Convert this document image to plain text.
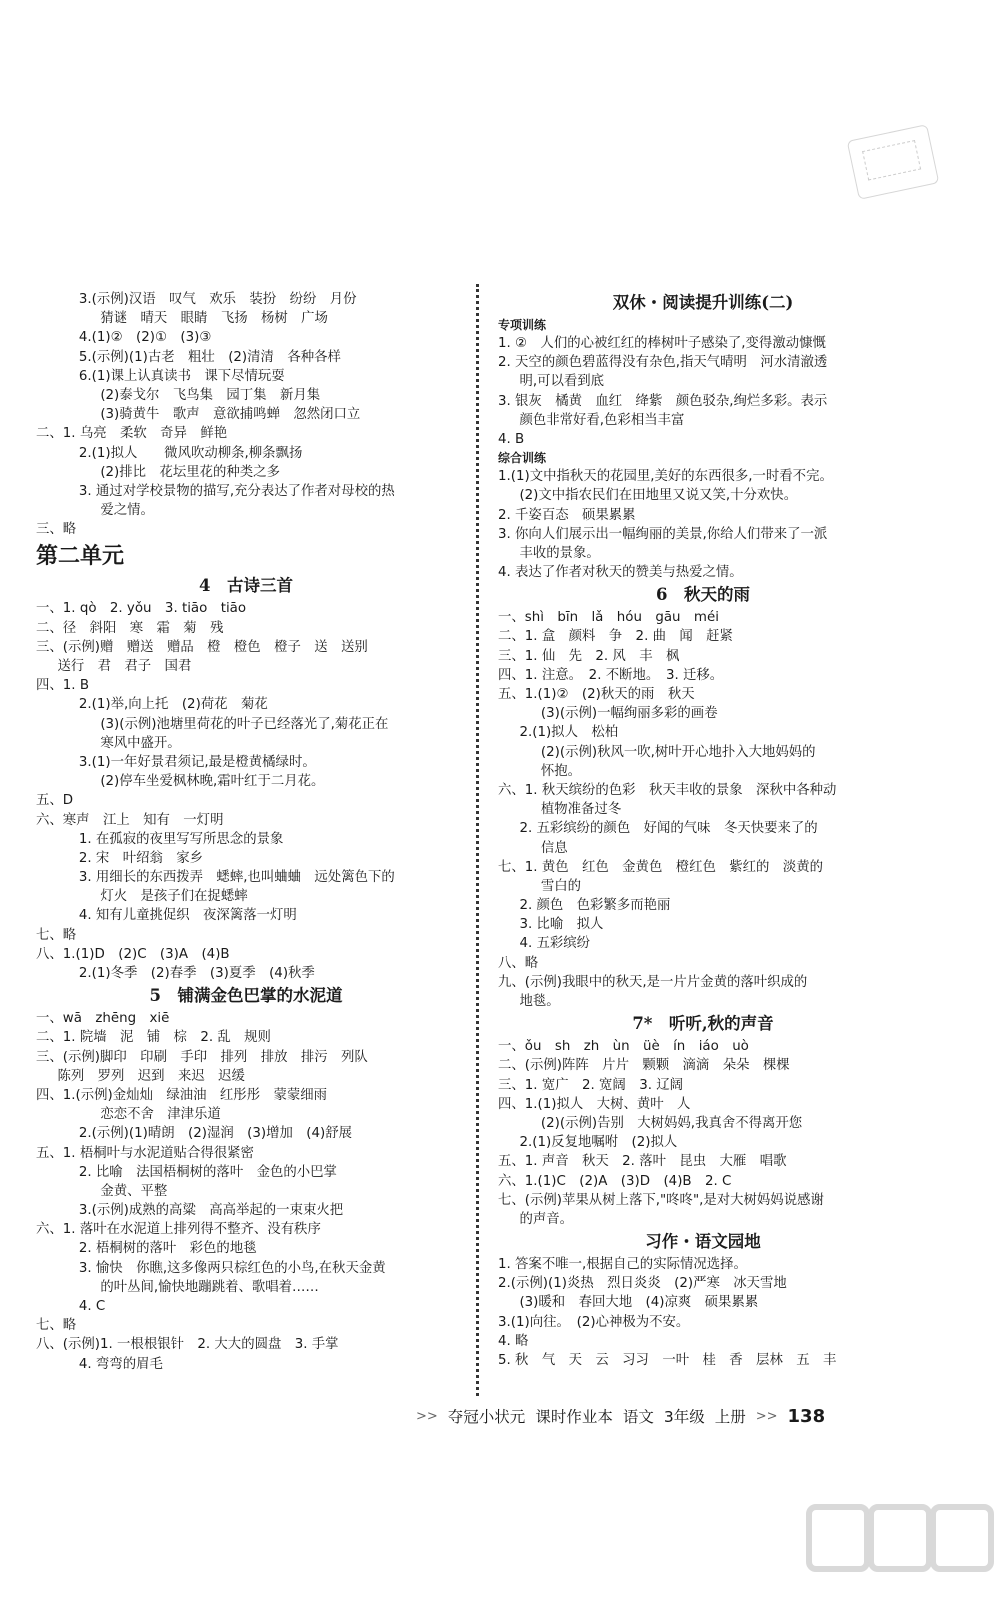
3.(示例)汉语　叹气　欢乐　装扮　纷纷　月份
猜谜　晴天　眼睛　飞扬　杨树　广场
4.(1)②　(2)①　(3)③
5.(示例)(1)古老　粗壮　(2)清清　各种各样
6.(1)课上认真读书　课下尽情玩耍
(2)泰戈尔　飞鸟集　园丁集　新月集
(3)骑黄牛　歌声　意欲捕鸣蝉　忽然闭口立
二、1. 乌亮　柔软　奇异　鲜艳
2.(1)拟人　　微风吹动柳条,柳条飘扬
(2)排比　花坛里花的种类之多
3. 通过对学校景物的描写,充分表达了作者对母校的热
爱之情。
三、略
第二单元
4　古诗三首
一、1. qò　2. yǒu　3. tiāo　tiāo
二、径　斜阳　寒　霜　菊　残
三、(示例)赠　赠送　赠品　橙　橙色　橙子　送　送别
送行　君　君子　国君
四、1. B
2.(1)举,向上托　(2)荷花　菊花
(3)(示例)池塘里荷花的叶子已经落光了,菊花正在
寒风中盛开。
3.(1)一年好景君须记,最是橙黄橘绿时。
(2)停车坐爱枫林晚,霜叶红于二月花。
五、D
六、寒声　江上　知有　一灯明
1. 在孤寂的夜里写写所思念的景象
2. 宋　叶绍翁　家乡
3. 用细长的东西拨弄　蟋蟀,也叫蛐蛐　远处篱色下的
灯火　是孩子们在捉蟋蟀
4. 知有儿童挑促织　夜深篱落一灯明
七、略
八、1.(1)D　(2)C　(3)A　(4)B
2.(1)冬季　(2)春季　(3)夏季　(4)秋季
5　铺满金色巴掌的水泥道
一、wā　zhēng　xiē
二、1. 院墙　泥　铺　棕　2. 乱　规则
三、(示例)脚印　印刷　手印　排列　排放　排污　列队
陈列　罗列　迟到　来迟　迟缓
四、1.(示例)金灿灿　绿油油　红彤彤　蒙蒙细雨
恋恋不舍　津津乐道
2.(示例)(1)晴朗　(2)湿润　(3)增加　(4)舒展
五、1. 梧桐叶与水泥道贴合得很紧密
2. 比喻　法国梧桐树的落叶　金色的小巴掌
金黄、平整
3.(示例)成熟的高粱　高高举起的一束束火把
六、1. 落叶在水泥道上排列得不整齐、没有秩序
2. 梧桐树的落叶　彩色的地毯
3. 愉快　你瞧,这多像两只棕红色的小鸟,在秋天金黄
的叶丛间,愉快地蹦跳着、歌唱着……
4. C
七、略
八、(示例)1. 一根根银针　2. 大大的圆盘　3. 手掌
4. 弯弯的眉毛
双休・阅读提升训练(二)
专项训练
1. ②　人们的心被红红的棒树叶子感染了,变得激动慷慨
2. 天空的颜色碧蓝得没有杂色,指天气晴明　河水清澈透
明,可以看到底
3. 银灰　橘黄　血红　绛紫　颜色驳杂,绚烂多彩。表示
颜色非常好看,色彩相当丰富
4. B
综合训练
1.(1)文中指秋天的花园里,美好的东西很多,一时看不完。
(2)文中指农民们在田地里又说又笑,十分欢快。
2. 千姿百态　硕果累累
3. 你向人们展示出一幅绚丽的美景,你给人们带来了一派
丰收的景象。
4. 表达了作者对秋天的赞美与热爱之情。
6　秋天的雨
一、shì　bīn　lǎ　hóu　gāu　méi
二、1. 盒　颜料　争　2. 曲　闻　赶紧
三、1. 仙　先　2. 风　丰　枫
四、1. 注意。　2. 不断地。　3. 迁移。
五、1.(1)②　(2)秋天的雨　秋天
(3)(示例)一幅绚丽多彩的画卷
2.(1)拟人　松柏
(2)(示例)秋风一吹,树叶开心地扑入大地妈妈的
怀抱。
六、1. 秋天缤纷的色彩　秋天丰收的景象　深秋中各种动
植物准备过冬
2. 五彩缤纷的颜色　好闻的气味　冬天快要来了的
信息
七、1. 黄色　红色　金黄色　橙红色　紫红的　淡黄的
雪白的
2. 颜色　色彩繁多而艳丽
3. 比喻　拟人
4. 五彩缤纷
八、略
九、(示例)我眼中的秋天,是一片片金黄的落叶织成的
地毯。
7*　听听,秋的声音
一、ǒu　sh　zh　ùn　üè　ín　iáo　uò
二、(示例)阵阵　片片　颗颗　滴滴　朵朵　棵棵
三、1. 宽广　2. 宽阔　3. 辽阔
四、1.(1)拟人　大树、黄叶　人
(2)(示例)告别　大树妈妈,我真舍不得离开您
2.(1)反复地嘱咐　(2)拟人
五、1. 声音　秋天　2. 落叶　昆虫　大雁　唱歌
六、1.(1)C　(2)A　(3)D　(4)B　2. C
七、(示例)苹果从树上落下,"咚咚",是对大树妈妈说感谢
的声音。
习作・语文园地
1. 答案不唯一,根据自己的实际情况选择。
2.(示例)(1)炎热　烈日炎炎　(2)严寒　冰天雪地
(3)暖和　春回大地　(4)凉爽　硕果累累
3.(1)向往。　(2)心神极为不安。
4. 略
5. 秋　气　天　云　习习　一叶　桂　香　层林　五　丰
>> 夺冠小状元 课时作业本 语文 3年级 上册 >> 138
